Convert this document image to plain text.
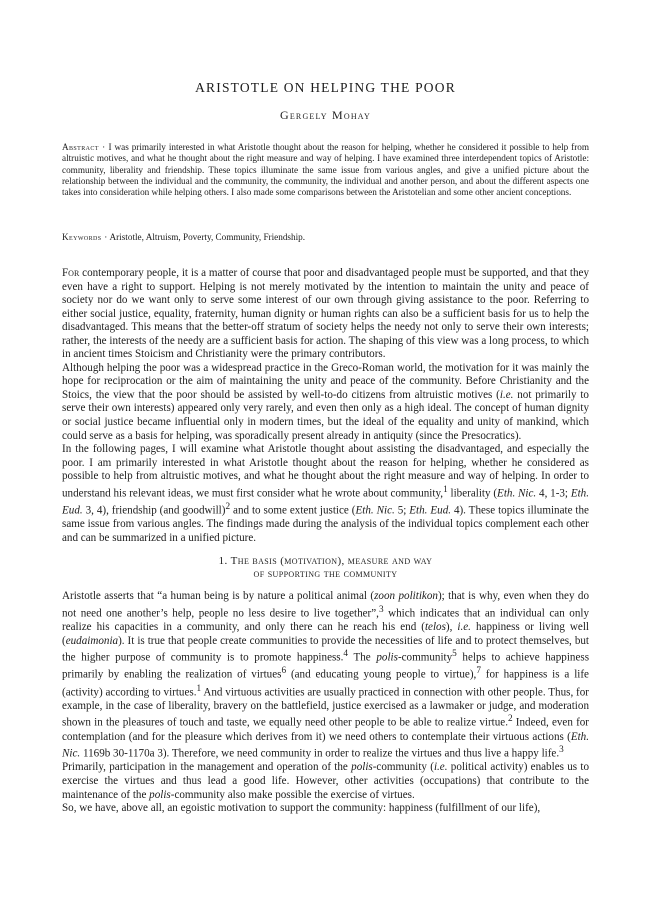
ARISTOTLE ON HELPING THE POOR
Gergely Mohay

Abstract · I was primarily interested in what Aristotle thought about the reason for helping, whether he considered it possible to help from altruistic motives, and what he thought about the right measure and way of helping. I have examined three interdependent topics of Aristotle: community, liberality and friendship. These topics illuminate the same issue from various angles, and give a unified picture about the relationship between the individual and the community, the community, the individual and another person, and about the different aspects one takes into consideration while helping others. I also made some comparisons between the Aristotelian and some other ancient conceptions.

Keywords · Aristotle, Altruism, Poverty, Community, Friendship.

For contemporary people, it is a matter of course that poor and disadvantaged people must be supported, and that they even have a right to support. Helping is not merely motivated by the intention to maintain the unity and peace of society nor do we want only to serve some interest of our own through giving assistance to the poor. Referring to either social justice, equality, fraternity, human dignity or human rights can also be a sufficient basis for us to help the disadvantaged. This means that the better-off stratum of society helps the needy not only to serve their own interests; rather, the interests of the needy are a sufficient basis for action. The shaping of this view was a long process, to which in ancient times Stoicism and Christianity were the primary contributors.

Although helping the poor was a widespread practice in the Greco-Roman world, the motivation for it was mainly the hope for reciprocation or the aim of maintaining the unity and peace of the community. Before Christianity and the Stoics, the view that the poor should be assisted by well-to-do citizens from altruistic motives (i.e. not primarily to serve their own interests) appeared only very rarely, and even then only as a high ideal. The concept of human dignity or social justice became influential only in modern times, but the ideal of the equality and unity of mankind, which could serve as a basis for helping, was sporadically present already in antiquity (since the Presocratics).

In the following pages, I will examine what Aristotle thought about assisting the disadvantaged, and especially the poor. I am primarily interested in what Aristotle thought about the reason for helping, whether he considered as possible to help from altruistic motives, and what he thought about the right measure and way of helping. In order to understand his relevant ideas, we must first consider what he wrote about community,$^1$ liberality (Eth. Nic. 4, 1-3; Eth. Eud. 3, 4), friendship (and goodwill)$^2$ and to some extent justice (Eth. Nic. 5; Eth. Eud. 4). These topics illuminate the same issue from various angles. The findings made during the analysis of the individual topics complement each other and can be summarized in a unified picture.

1. The basis (motivation), measure and way
of supporting the community

Aristotle asserts that “a human being is by nature a political animal (zoon politikon); that is why, even when they do not need one another’s help, people no less desire to live together”,$^3$ which indicates that an individual can only realize his capacities in a community, and only there can he reach his end (telos), i.e. happiness or living well (eudaimonia). It is true that people create communities to provide the necessities of life and to protect themselves, but the higher purpose of community is to promote happiness.$^4$ The polis-community$^5$ helps to achieve happiness primarily by enabling the realization of virtues$^6$ (and educating young people to virtue),$^7$ for happiness is a life (activity) according to virtues.$^1$ And virtuous activities are usually practiced in connection with other people. Thus, for example, in the case of liberality, bravery on the battlefield, justice exercised as a lawmaker or judge, and moderation shown in the pleasures of touch and taste, we equally need other people to be able to realize virtue.$^2$ Indeed, even for contemplation (and for the pleasure which derives from it) we need others to contemplate their virtuous actions (Eth. Nic. 1169b 30-1170a 3). Therefore, we need community in order to realize the virtues and thus live a happy life.$^3$

Primarily, participation in the management and operation of the polis-community (i.e. political activity) enables us to exercise the virtues and thus lead a good life. However, other activities (occupations) that contribute to the maintenance of the polis-community also make possible the exercise of virtues.

So, we have, above all, an egoistic motivation to support the community: happiness (fulfillment of our life),
